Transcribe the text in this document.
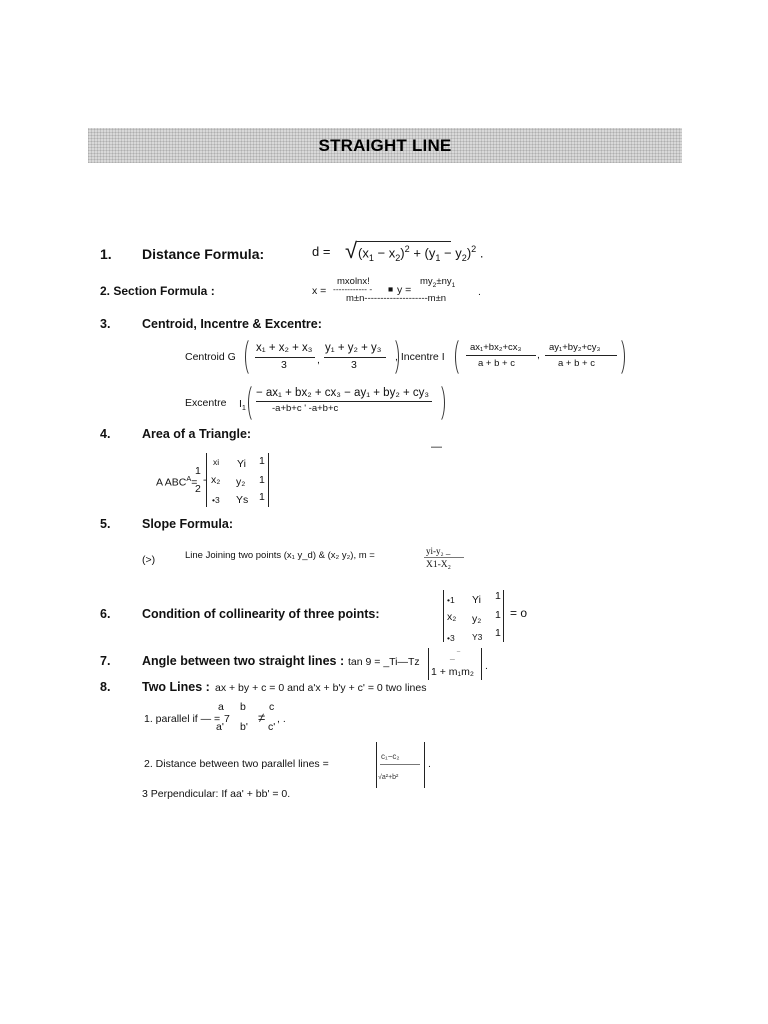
STRAIGHT LINE
1. Distance Formula:	d = √ $(x_1 - x_2)^2 + (y_1 - y_2)^2$ .
2. Section Formula :	x =
mxolnx!
------------ - ■ y =
$my_2\pm ny_1$
m±n--------------------m±n
.
3.	Centroid, Incentre & Excentre:
Centroid G
x₁ + x₂ + x₃
3	,
y₁ + y₂ + y₃
3
, Incentre I
ax₁+bx₂+cx₃
a + b + c
,
ay₁+by₂+cy₃
a + b + c
Excentre $I_1$
− ax₁ + bx₂ + cx₃ − ay₁ + by₂ + cy₃
-a+b+c ' -a+b+c
4.	Area of a Triangle:
—
1
A $ABC^A=$ -
2
xi Yi 1
x₂ y₂ 1
•3 Ys 1
5.	Slope Formula:
(>)	Line Joining two points (x₁ y_d) & (x₂ y₂), m =	yi-y₂ _
X1-X₂
6.	Condition of collinearity of three points:
•1 Yi 1
x₂ y₂ 1
•3 Y3 1
= o
7.	Angle between two straight lines : tan 9 = _Ti—Tz
_ ‾
1 + m₁m₂ .
8.	Two Lines : ax + by + c = 0 and a'x + b'y + c' = 0 two lines
1. parallel if — =
a
a'
7
b
b'
≠
c
c'
, .
2. Distance between two parallel lines =
c₁−c₂
√a²+b²
.
3 Perpendicular: If aa' + bb' = 0.
